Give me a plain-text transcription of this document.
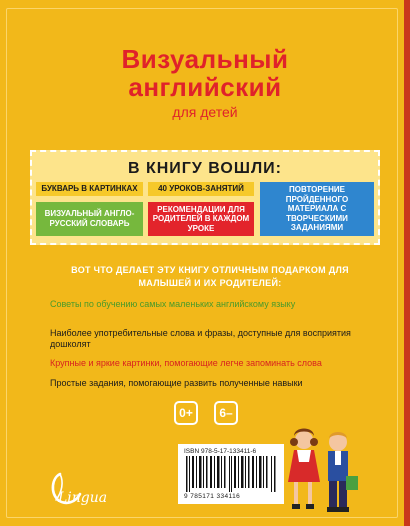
Визуальный
английский
для детей
В КНИГУ ВОШЛИ:
БУКВАРЬ В КАРТИНКАХ	40 УРОКОВ-ЗАНЯТИЙ	ПОВТОРЕНИЕ ПРОЙДЕННОГО МАТЕРИАЛА С ТВОРЧЕСКИМИ ЗАДАНИЯМИ
ВИЗУАЛЬНЫЙ АНГЛО-РУССКИЙ СЛОВАРЬ
РЕКОМЕНДАЦИИ ДЛЯ РОДИТЕЛЕЙ В КАЖДОМ УРОКЕ
ВОТ ЧТО ДЕЛАЕТ ЭТУ КНИГУ ОТЛИЧНЫМ ПОДАРКОМ ДЛЯ МАЛЫШЕЙ И ИХ РОДИТЕЛЕЙ:
Советы по обучению самых маленьких английскому языку
Наиболее употребительные слова и фразы, доступные для восприятия дошколят
Крупные и яркие картинки, помогающие легче запоминать слова
Простые задания, помогающие развить полученные навыки
0+	6–
Lingua
ISBN 978-5-17-133411-6
9 785171 334116
